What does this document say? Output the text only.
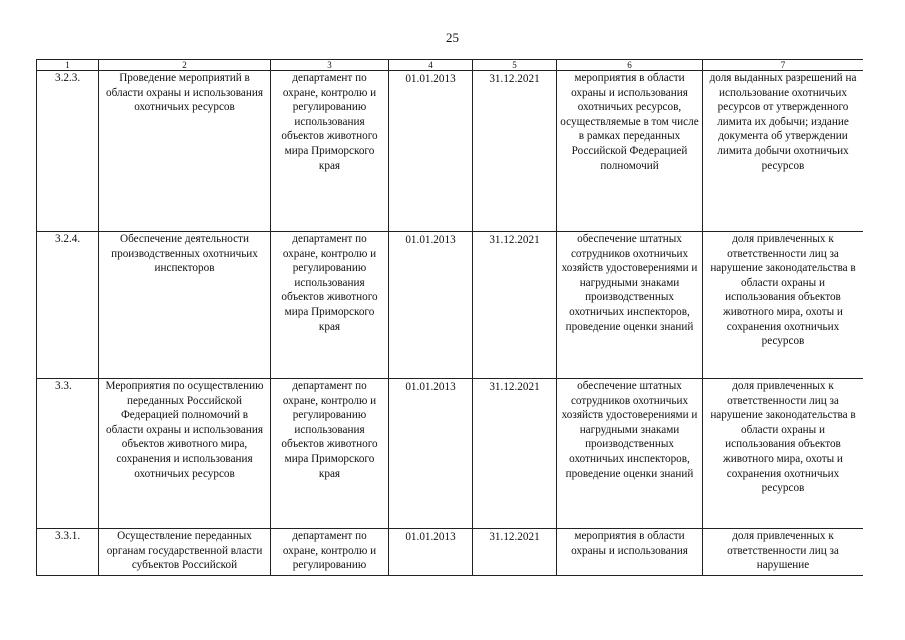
25
1	2	3	4	5	6	7
3.2.3.	Проведение мероприятий в области охраны и использования охотничьих ресурсов	департамент по охране, контролю и регулированию использования объектов животного мира Приморского края	01.01.2013	31.12.2021	мероприятия в области охраны и использования охотничьих ресурсов, осуществляемые в том числе в рамках переданных Российской Федерацией полномочий	доля выданных разрешений на использование охотничьих ресурсов от утвержденного лимита их добычи; издание документа об утверждении лимита добычи охотничьих ресурсов
3.2.4.	Обеспечение деятельности производственных охотничьих инспекторов	департамент по охране, контролю и регулированию использования объектов животного мира Приморского края	01.01.2013	31.12.2021	обеспечение штатных сотрудников охотничьих хозяйств удостоверениями и нагрудными знаками производственных охотничьих инспекторов, проведение оценки знаний	доля привлеченных к ответственности лиц за нарушение законодательства в области охраны и использования объектов животного мира, охоты и сохранения охотничьих ресурсов
3.3.	Мероприятия по осуществлению переданных Российской Федерацией полномочий в области охраны и использования объектов животного мира, сохранения и использования охотничьих ресурсов	департамент по охране, контролю и регулированию использования объектов животного мира Приморского края	01.01.2013	31.12.2021	обеспечение штатных сотрудников охотничьих хозяйств удостоверениями и нагрудными знаками производственных охотничьих инспекторов, проведение оценки знаний	доля привлеченных к ответственности лиц за нарушение законодательства в области охраны и использования объектов животного мира, охоты и сохранения охотничьих ресурсов
3.3.1.	Осуществление переданных органам государственной власти субъектов Российской	департамент по охране, контролю и регулированию	01.01.2013	31.12.2021	мероприятия в области охраны и использования	доля привлеченных к ответственности лиц за нарушение
